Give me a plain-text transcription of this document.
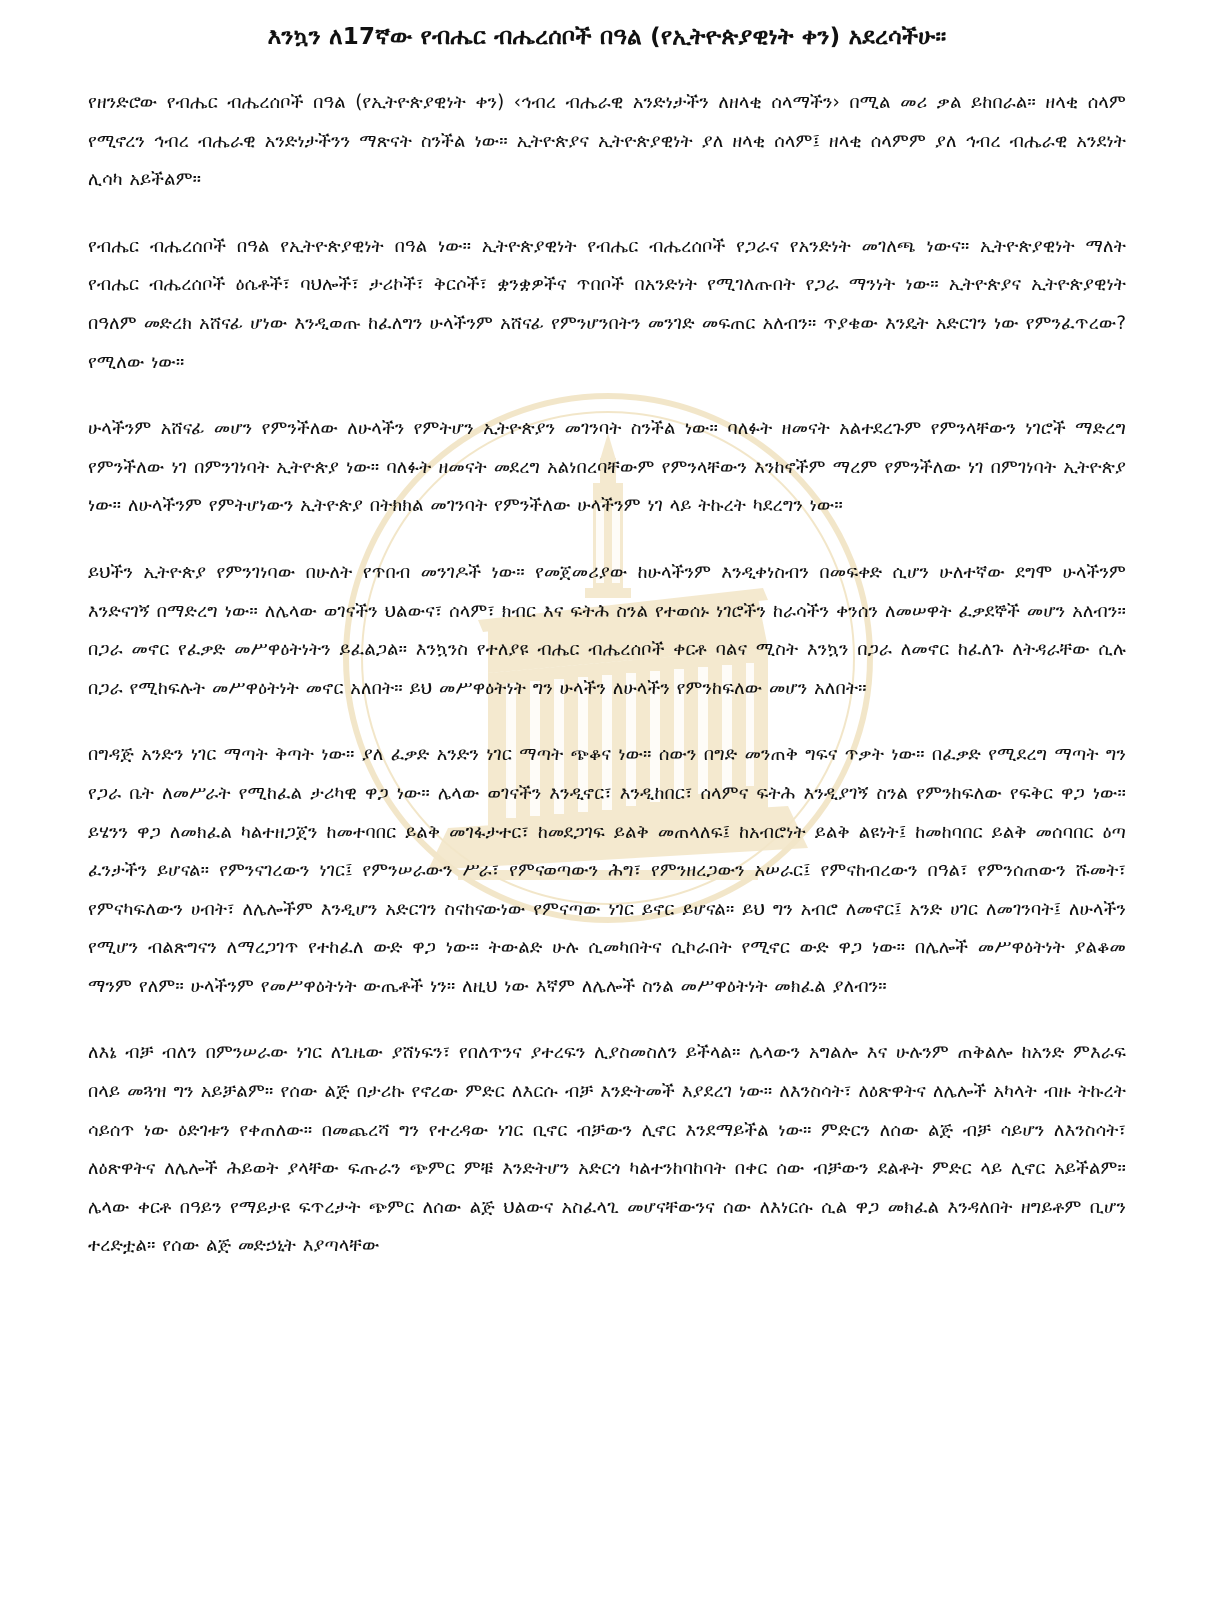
እንኳን ለ17ኛው የብሔር ብሔረሰቦች በዓል (የኢትዮጵያዊነት ቀን) አደረሳችሁ።

የዘንድሮው የብሔር ብሔረሰቦች በዓል (የኢትዮጵያዊነት ቀን) ‹ኅብረ ብሔራዊ አንድነታችን ለዘላቂ ሰላማችን› በሚል መሪ ቃል ይከበራል። ዘላቂ ሰላም የሚኖረን ኅብረ ብሔራዊ አንድነታችንን ማጽናት ስንችል ነው። ኢትዮጵያና ኢትዮጵያዊነት ያለ ዘላቂ ሰላም፤ ዘላቂ ሰላምም ያለ ኅብረ ብሔራዊ አንደነት ሊሳካ አይችልም።

የብሔር ብሔረሰቦች በዓል የኢትዮጵያዊነት በዓል ነው። ኢትዮጵያዊነት የብሔር ብሔረሰቦች የጋራና የአንድነት መገለጫ ነውና። ኢትዮጵያዊነት ማለት የብሔር ብሔረሰቦች ዕሴቶች፣ ባህሎች፣ ታሪኮች፣ ቅርሶች፣ ቋንቋዎችና ጥበቦች በአንድነት የሚገለጡበት የጋራ ማንነት ነው። ኢትዮጵያና ኢትዮጵያዊነት በዓለም መድረክ አሸናፊ ሆነው እንዲወጡ ከፈለግን ሁላችንም አሸናፊ የምንሆንበትን መንገድ መፍጠር አለብን። ጥያቄው እንዴት አድርገን ነው የምንፈጥረው? የሚለው ነው።

ሁላችንም አሸናፊ መሆን የምንችለው ለሁላችን የምትሆን ኢትዮጵያን መገንባት ስንችል ነው። ባለፉት ዘመናት አልተደረጉም የምንላቸውን ነገሮች ማድረግ የምንችለው ነገ በምንገነባት ኢትዮጵያ ነው። ባለፉት ዘመናት መደረግ አልነበረባቸውም የምንላቸውን እንከኖችም ማረም የምንችለው ነገ በምገነባት ኢትዮጵያ ነው። ለሁላችንም የምትሆነውን ኢትዮጵያ በትክክል መገንባት የምንችለው ሁላችንም ነገ ላይ ትኩረት ካደረግን ነው።

ይህችን ኢትዮጵያ የምንገነባው በሁለት የጥበብ መንገዶች ነው። የመጀመሪያው ከሁላችንም እንዲቀነስብን በመፍቀድ ሲሆን ሁለተኛው ደግሞ ሁላችንም እንድናገኝ በማድረግ ነው። ለሌላው ወገናችን ህልውና፣ ሰላም፣ ክብር እና ፍትሕ ስንል የተወሰኑ ነገሮችን ከራሳችን ቀንሰን ለመሠዋት ፈቃደኞች መሆን አለብን። በጋራ መኖር የፈቃድ መሥዋዕትነትን ይፈልጋል። እንኳንስ የተለያዩ ብሔር ብሔረሰቦች ቀርቶ ባልና ሚስት እንኳን በጋራ ለመኖር ከፈለጉ ለትዳራቸው ሲሉ በጋራ የሚከፍሉት መሥዋዕትነት መኖር አለበት። ይህ መሥዋዕትነት ግን ሁላችን ለሁላችን የምንከፍለው መሆን አለበት።

በግዳጅ አንድን ነገር ማጣት ቅጣት ነው። ያለ ፈቃድ አንድን ነገር ማጣት ጭቆና ነው። ሰውን በግድ መንጠቅ ግፍና ጥቃት ነው። በፈቃድ የሚደረግ ማጣት ግን የጋራ ቤት ለመሥራት የሚከፈል ታሪካዊ ዋጋ ነው። ሌላው ወገናችን እንዲኖር፣ እንዲከበር፣ ሰላምና ፍትሕ እንዲያገኝ ስንል የምንከፍለው የፍቅር ዋጋ ነው። ይሄንን ዋጋ ለመክፈል ካልተዘጋጀን ከመተባበር ይልቅ መገፋታተር፣ ከመደጋገፍ ይልቅ መጠላለፍ፤ ከአብሮነት ይልቅ ልዩነት፤ ከመከባበር ይልቅ መሰባበር ዕጣ ፈንታችን ይሆናል። የምንናገረውን ነገር፤ የምንሠራውን ሥራ፣ የምናወጣውን ሕግ፣ የምንዘረጋውን አሠራር፤ የምናከብረውን በዓል፣ የምንሰጠውን ሹመት፣ የምናካፍለውን ሀብት፣ ለሌሎችም እንዲሆን አድርገን ስናከናውነው የምናጣው ነገር ይኖር ይሆናል። ይህ ግን አብሮ ለመኖር፤ አንድ ሀገር ለመገንባት፤ ለሁላችን የሚሆን ብልጽግናን ለማረጋገጥ የተከፈለ ውድ ዋጋ ነው። ትውልድ ሁሉ ሲመካበትና ሲኮራበት የሚኖር ውድ ዋጋ ነው። በሌሎች መሥዋዕትነት ያልቆመ ማንም የለም። ሁላችንም የመሥዋዕትነት ውጤቶች ነን። ለዚህ ነው እኛም ለሌሎች ስንል መሥዋዕትነት መክፈል ያለብን።

ለእኔ ብቻ ብለን በምንሠራው ነገር ለጊዜው ያሸነፍን፣ የበለጥንና ያተረፍን ሊያስመስለን ይችላል። ሌላውን አግልሎ እና ሁሉንም ጠቅልሎ ከአንድ ምእራፍ በላይ መጓዝ ግን አይቻልም። የሰው ልጅ በታሪኩ የኖረው ምድር ለእርሱ ብቻ እንድትመች እያደረገ ነው። ለእንስሳት፣ ለዕጽዋትና ለሌሎች አካላት ብዙ ትኩረት ሳይሰጥ ነው ዕድገቱን የቀጠለው። በመጨረሻ ግን የተረዳው ነገር ቢኖር ብቻውን ሊኖር እንደማይችል ነው። ምድርን ለሰው ልጅ ብቻ ሳይሆን ለእንስሳት፣ ለዕጽዋትና ለሌሎች ሕይወት ያላቸው ፍጡራን ጭምር ምቹ እንድትሆን አድርጎ ካልተንከባከባት በቀር ሰው ብቻውን ደልቶት ምድር ላይ ሊኖር አይችልም። ሌላው ቀርቶ በዓይን የማይታዩ ፍጥረታት ጭምር ለሰው ልጅ ህልውና አስፈላጊ መሆናቸውንና ሰው ለእነርሱ ሲል ዋጋ መክፈል እንዳለበት ዘግይቶም ቢሆን ተረድቷል። የሰው ልጅ መድኃኒት እያጣላቸው
